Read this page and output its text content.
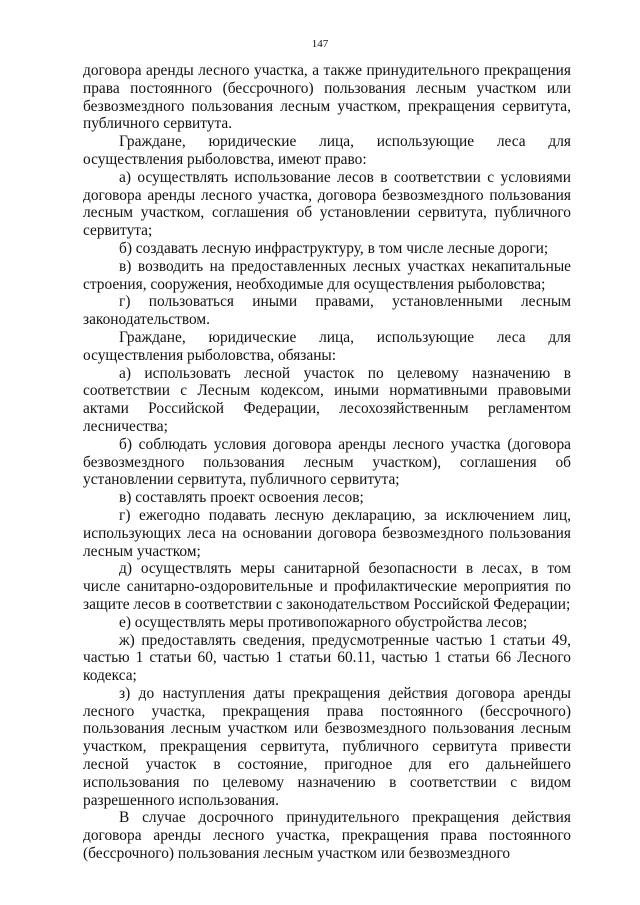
147

договора аренды лесного участка, а также принудительного прекращения права постоянного (бессрочного) пользования лесным участком или безвозмездного пользования лесным участком, прекращения сервитута, публичного сервитута.

Граждане, юридические лица, использующие леса для осуществления рыболовства, имеют право:

а) осуществлять использование лесов в соответствии с условиями договора аренды лесного участка, договора безвозмездного пользования лесным участком, соглашения об установлении сервитута, публичного сервитута;

б) создавать лесную инфраструктуру, в том числе лесные дороги;

в) возводить на предоставленных лесных участках некапитальные строения, сооружения, необходимые для осуществления рыболовства;

г) пользоваться иными правами, установленными лесным законодательством.

Граждане, юридические лица, использующие леса для осуществления рыболовства, обязаны:

а) использовать лесной участок по целевому назначению в соответствии с Лесным кодексом, иными нормативными правовыми актами Российской Федерации, лесохозяйственным регламентом лесничества;

б) соблюдать условия договора аренды лесного участка (договора безвозмездного пользования лесным участком), соглашения об установлении сервитута, публичного сервитута;

в) составлять проект освоения лесов;

г) ежегодно подавать лесную декларацию, за исключением лиц, использующих леса на основании договора безвозмездного пользования лесным участком;

д) осуществлять меры санитарной безопасности в лесах, в том числе санитарно-оздоровительные и профилактические мероприятия по защите лесов в соответствии с законодательством Российской Федерации;

е) осуществлять меры противопожарного обустройства лесов;

ж) предоставлять сведения, предусмотренные частью 1 статьи 49, частью 1 статьи 60, частью 1 статьи 60.11, частью 1 статьи 66 Лесного кодекса;

з) до наступления даты прекращения действия договора аренды лесного участка, прекращения права постоянного (бессрочного) пользования лесным участком или безвозмездного пользования лесным участком, прекращения сервитута, публичного сервитута привести лесной участок в состояние, пригодное для его дальнейшего использования по целевому назначению в соответствии с видом разрешенного использования.

В случае досрочного принудительного прекращения действия договора аренды лесного участка, прекращения права постоянного (бессрочного) пользования лесным участком или безвозмездного
